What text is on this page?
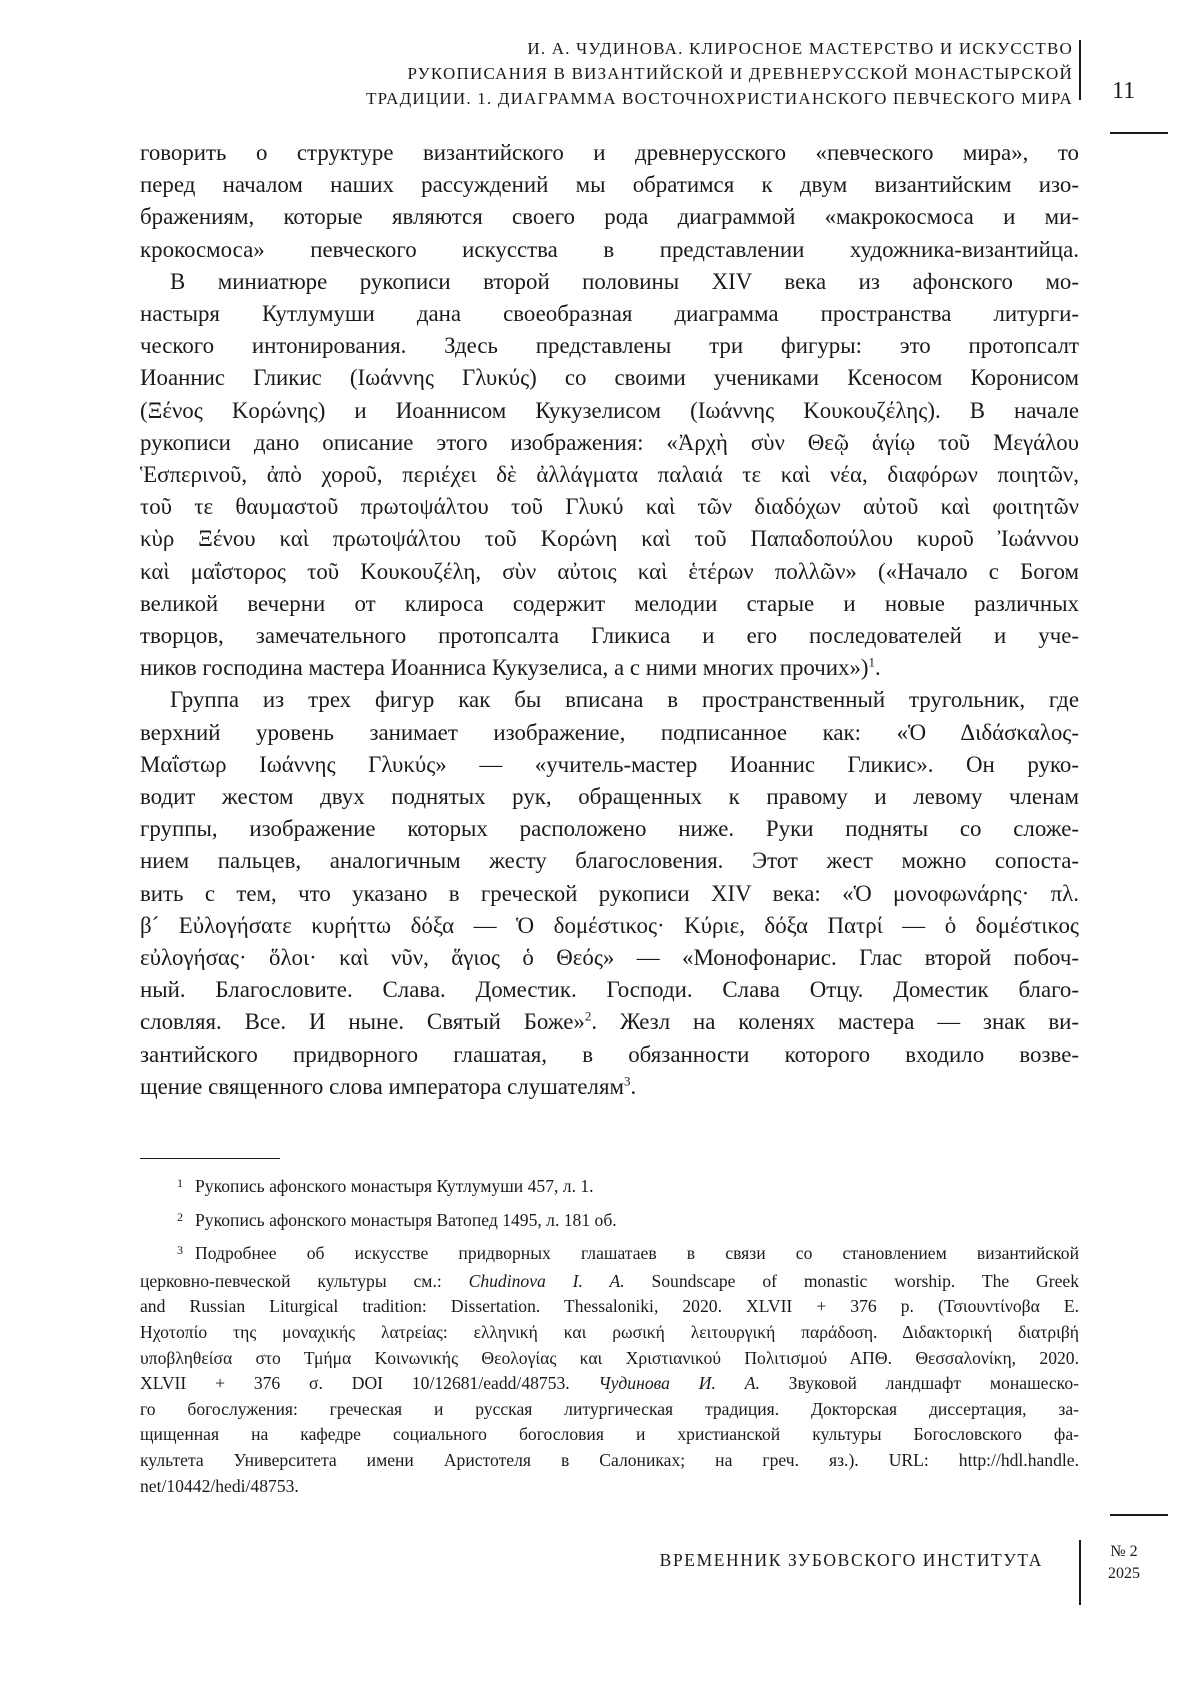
И. А. ЧУДИНОВА. КЛИРОСНОЕ МАСТЕРСТВО И ИСКУССТВО
РУКОПИСАНИЯ В ВИЗАНТИЙСКОЙ И ДРЕВНЕРУССКОЙ МОНАСТЫРСКОЙ
ТРАДИЦИИ. 1. ДИАГРАММА ВОСТОЧНОХРИСТИАНСКОГО ПЕВЧЕСКОГО МИРА 11
говорить о структуре византийского и древнерусского «певческого мира», то
перед началом наших рассуждений мы обратимся к двум византийским изо-
бражениям, которые являются своего рода диаграммой «макрокосмоса и ми-
крокосмоса» певческого искусства в представлении художника-византийца.
В миниатюре рукописи второй половины XIV века из афонского мо-
настыря Кутлумуши дана своеобразная диаграмма пространства литурги-
ческого интонирования. Здесь представлены три фигуры: это протопсалт
Иоаннис Гликис (Ιωάννης Γλυκύς) со своими учениками Ксеносом Коронисом
(Ξένος Κορώνης) и Иоаннисом Кукузелисом (Ιωάννης Κουκουζέλης). В начале
рукописи дано описание этого изображения: «Ἀρχὴ σὺν Θεῷ ἁγίῳ τοῦ Μεγάλου
Ἑσπερινοῦ, ἀπὸ χοροῦ, περιέχει δὲ ἀλλάγματα παλαιά τε καὶ νέα, διαφόρων ποιητῶν,
τοῦ τε θαυμαστοῦ πρωτοψάλτου τοῦ Γλυκύ καὶ τῶν διαδόχων αὐτοῦ καὶ φοιτητῶν
κὺρ Ξένου καὶ πρωτοψάλτου τοῦ Κορώνη καὶ τοῦ Παπαδοπούλου κυροῦ Ἰωάννου
καὶ μαΐστορος τοῦ Κουκουζέλη, σὺν αὐτοις καὶ ἑτέρων πολλῶν» («Начало с Богом
великой вечерни от клироса содержит мелодии старые и новые различных
творцов, замечательного протопсалта Гликиса и его последователей и уче-
ников господина мастера Иоанниса Кукузелиса, а с ними многих прочих»)$^1$.
Группа из трех фигур как бы вписана в пространственный тругольник, где
верхний уровень занимает изображение, подписанное как: «Ὁ Διδάσκαλος-
Μαΐστωρ Ιωάννης Γλυκύς» — «учитель-мастер Иоаннис Гликис». Он руко-
водит жестом двух поднятых рук, обращенных к правому и левому членам
группы, изображение которых расположено ниже. Руки подняты со сложе-
нием пальцев, аналогичным жесту благословения. Этот жест можно сопоста-
вить с тем, что указано в греческой рукописи XIV века: «Ὁ μονοφωνάρης· πλ.
β´ Εὐλογήσατε κυρήττω δόξα — Ὁ δομέστικος· Κύριε, δόξα Πατρί — ὁ δομέστικος
εὐλογήσας· ὅλοι· καὶ νῦν, ἅγιος ὁ Θεός» — «Монофонарис. Глас второй побоч-
ный. Благословите. Слава. Доместик. Господи. Слава Отцу. Доместик благо-
словляя. Все. И ныне. Святый Боже»$^2$. Жезл на коленях мастера — знак ви-
зантийского придворного глашатая, в обязанности которого входило возве-
щение священного слова императора слушателям$^3$.
$^1$ Рукопись афонского монастыря Кутлумуши 457, л. 1.
$^2$ Рукопись афонского монастыря Ватопед 1495, л. 181 об.
$^3$ Подробнее об искусстве придворных глашатаев в связи со становлением византийской
церковно-певческой культуры см.: Chudinova I. A. Soundscape of monastic worship. The Greek
and Russian Liturgical tradition: Dissertation. Thessaloniki, 2020. XLVII + 376 p. (Τσιουντίνοβα Ε.
Ηχοτοπίο της μοναχικής λατρείας: ελληνική και ρωσική λειτουργική παράδοση. Διδακτορική διατριβή
υποβληθείσα στο Τμήμα Κοινωνικής Θεολογίας και Χριστιανικού Πολιτισμού ΑΠΘ. Θεσσαλονίκη, 2020.
XLVII + 376 σ. DOI 10/12681/eadd/48753. Чудинова И. А. Звуковой ландшафт монашеско-
го богослужения: греческая и русская литургическая традиция. Докторская диссертация, за-
щищенная на кафедре социального богословия и христианской культуры Богословского фа-
культета Университета имени Аристотеля в Салониках; на греч. яз.). URL: http://hdl.handle.
net/10442/hedi/48753.
ВРЕМЕННИК ЗУБОВСКОГО ИНСТИТУТА	№ 2
2025
